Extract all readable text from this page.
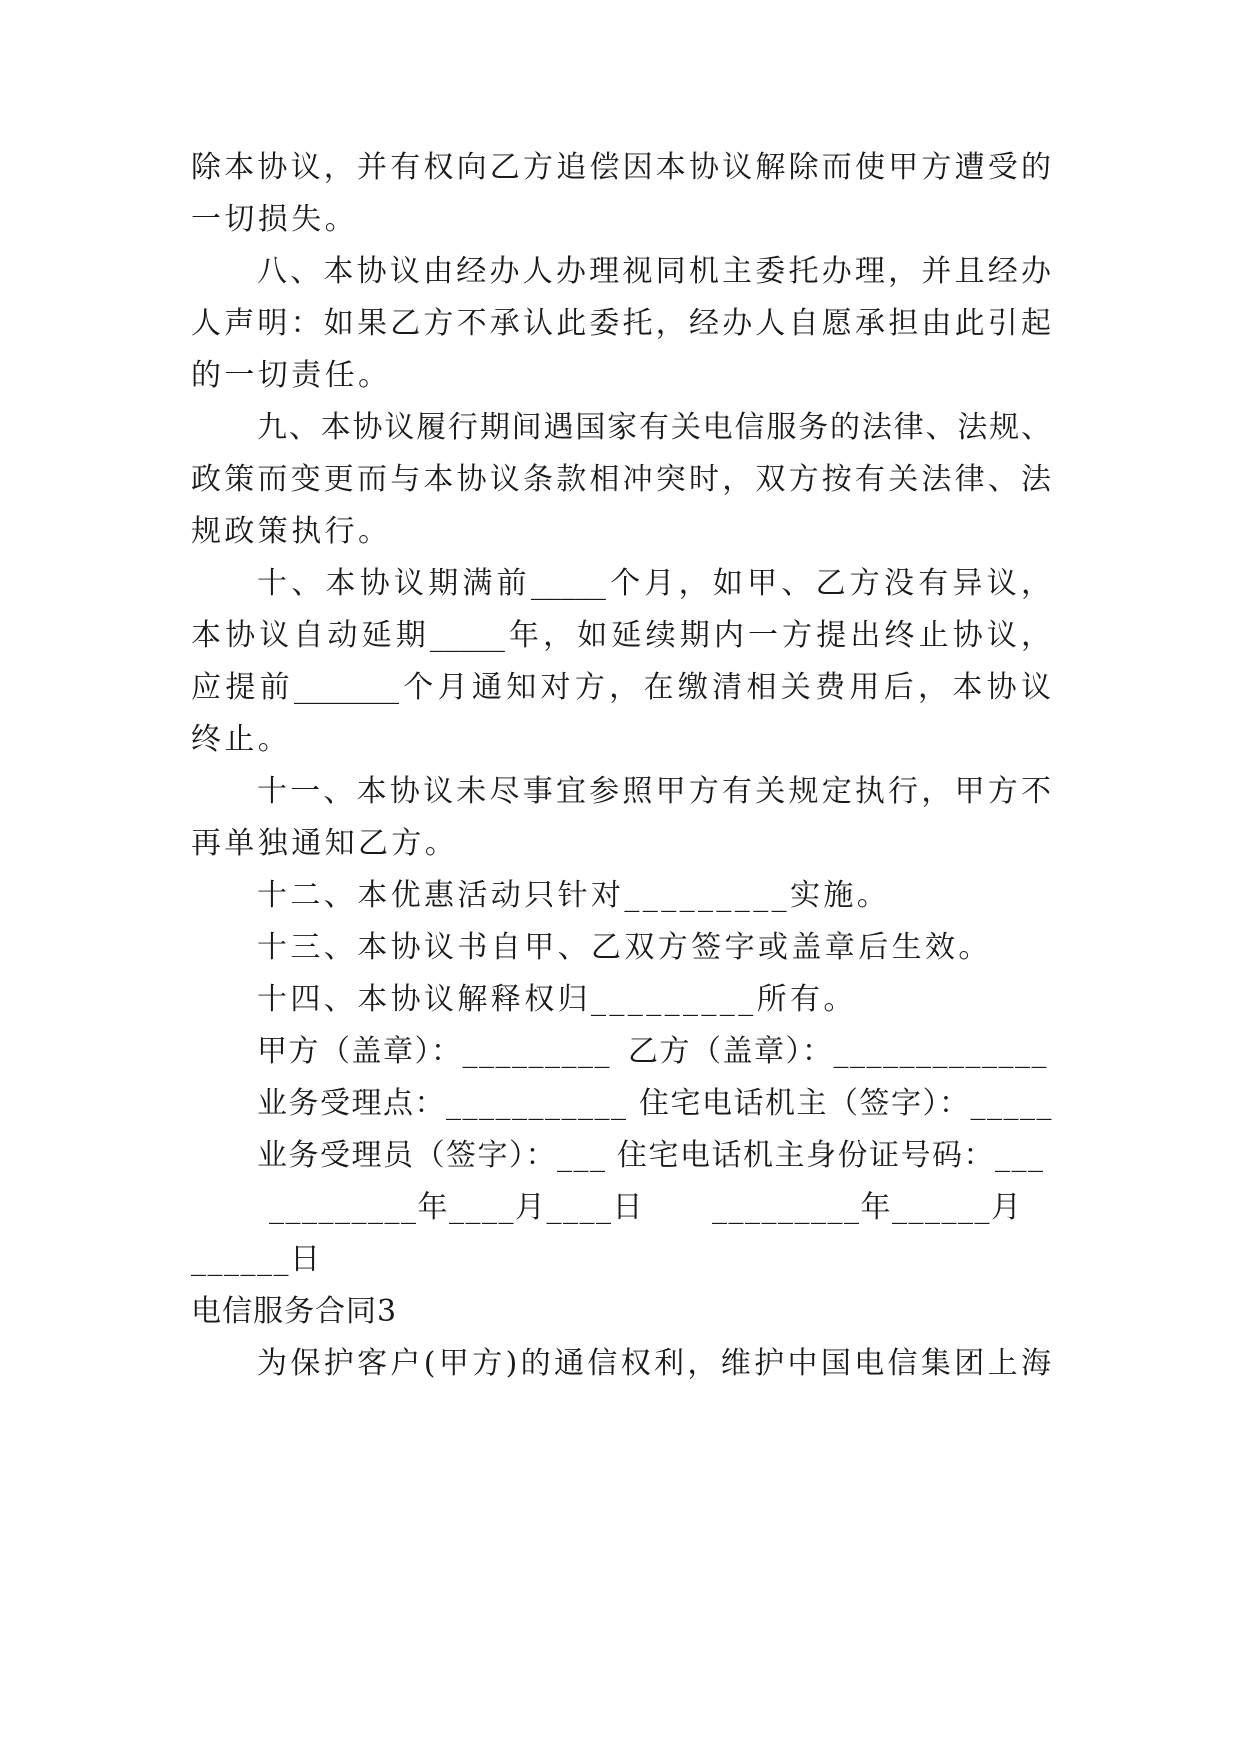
除本协议，并有权向乙方追偿因本协议解除而使甲方遭受的
一切损失。
八、本协议由经办人办理视同机主委托办理，并且经办
人声明：如果乙方不承认此委托，经办人自愿承担由此引起
的一切责任。
九、本协议履行期间遇国家有关电信服务的法律、法规、
政策而变更而与本协议条款相冲突时，双方按有关法律、法
规政策执行。
十、本协议期满前_____个月，如甲、乙方没有异议，
本协议自动延期_____年，如延续期内一方提出终止协议，
应提前_______个月通知对方，在缴清相关费用后，本协议
终止。
十一、本协议未尽事宜参照甲方有关规定执行，甲方不
再单独通知乙方。
十二、本优惠活动只针对_________实施。
十三、本协议书自甲、乙双方签字或盖章后生效。
十四、本协议解释权归_________所有。
甲方（盖章）：_________ 乙方（盖章）：_____________
业务受理点：___________ 住宅电话机主（签字）：_____
业务受理员（签字）：___ 住宅电话机主身份证号码：___
_________年____月____日 _________年______月
______日
电信服务合同3
为保护客户(甲方)的通信权利，维护中国电信集团上海
